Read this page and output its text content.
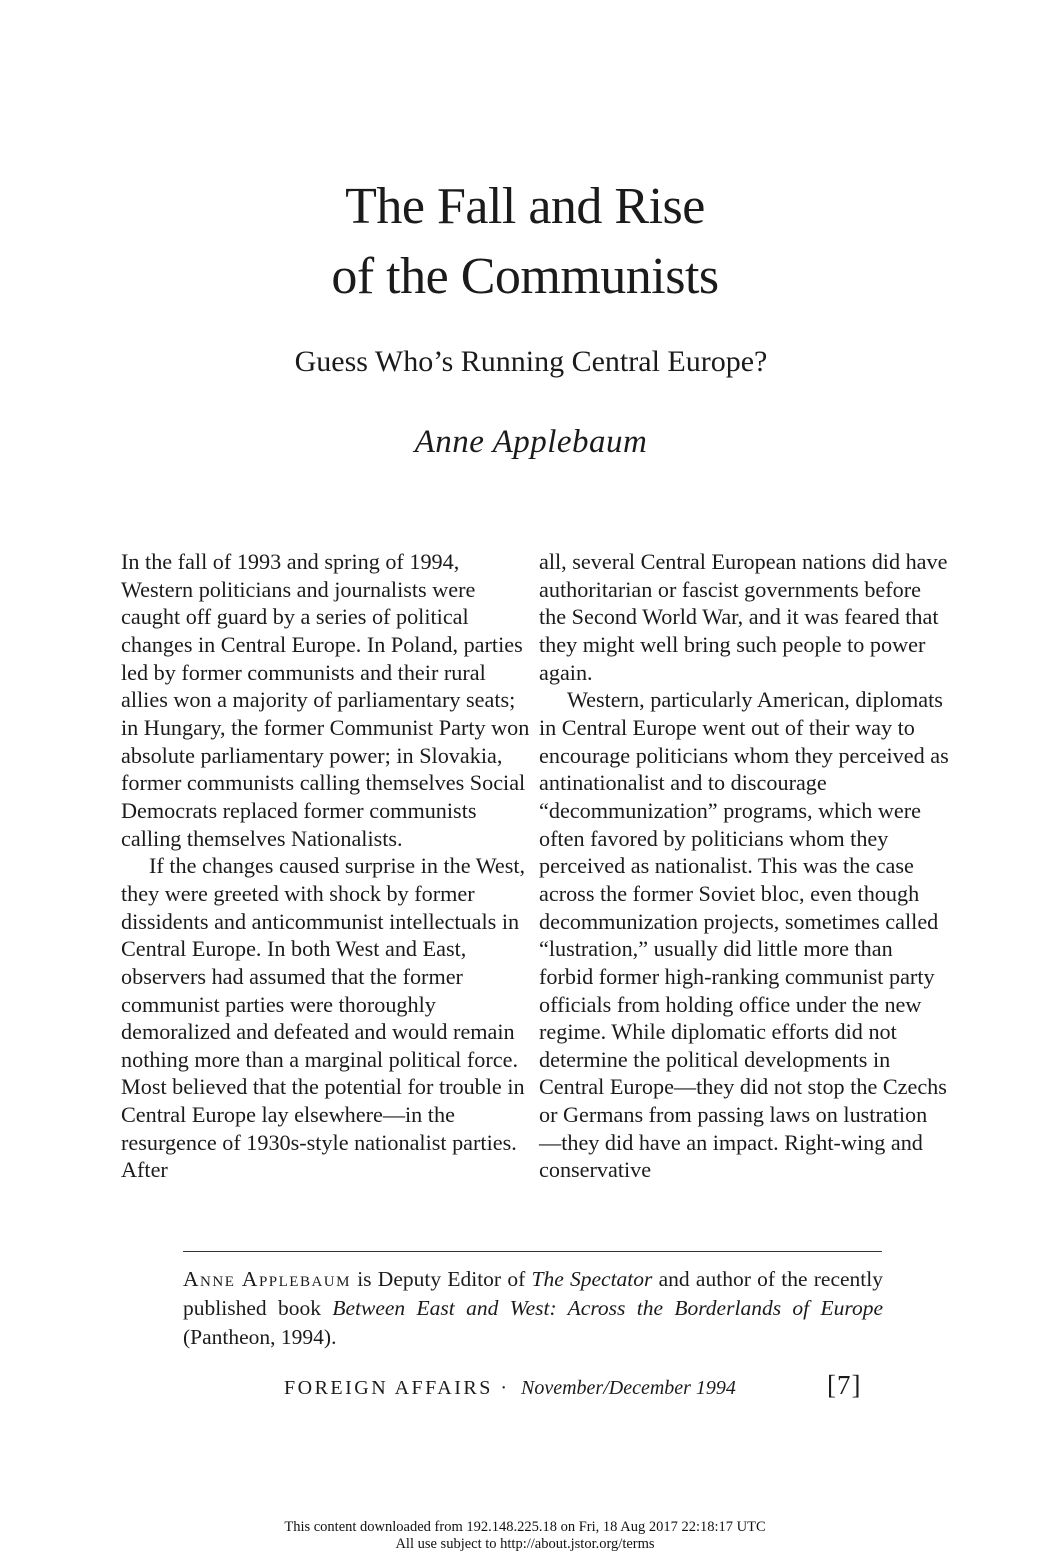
The Fall and Rise
of the Communists
Guess Who’s Running Central Europe?
Anne Applebaum

In the fall of 1993 and spring of 1994, Western politicians and journalists were caught off guard by a series of political changes in Central Europe. In Poland, parties led by former communists and their rural allies won a majority of parliamentary seats; in Hungary, the former Communist Party won absolute parliamentary power; in Slovakia, former communists calling themselves Social Democrats replaced former communists calling themselves Nationalists.

If the changes caused surprise in the West, they were greeted with shock by former dissidents and anticommunist intellectuals in Central Europe. In both West and East, observers had assumed that the former communist parties were thoroughly demoralized and defeated and would remain nothing more than a marginal political force. Most believed that the potential for trouble in Central Europe lay elsewhere—in the resurgence of 1930s-style nationalist parties. After

all, several Central European nations did have authoritarian or fascist governments before the Second World War, and it was feared that they might well bring such people to power again.

Western, particularly American, diplomats in Central Europe went out of their way to encourage politicians whom they perceived as antinationalist and to discourage “decommunization” programs, which were often favored by politicians whom they perceived as nationalist. This was the case across the former Soviet bloc, even though decommunization projects, sometimes called “lustration,” usually did little more than forbid former high-ranking communist party officials from holding office under the new regime. While diplomatic efforts did not determine the political developments in Central Europe—they did not stop the Czechs or Germans from passing laws on lustration—they did have an impact. Right-wing and conservative

Anne Applebaum is Deputy Editor of The Spectator and author of the recently published book Between East and West: Across the Borderlands of Europe (Pantheon, 1994).
FOREIGN AFFAIRS · November/December 1994	[7]
This content downloaded from 192.148.225.18 on Fri, 18 Aug 2017 22:18:17 UTC
All use subject to http://about.jstor.org/terms
